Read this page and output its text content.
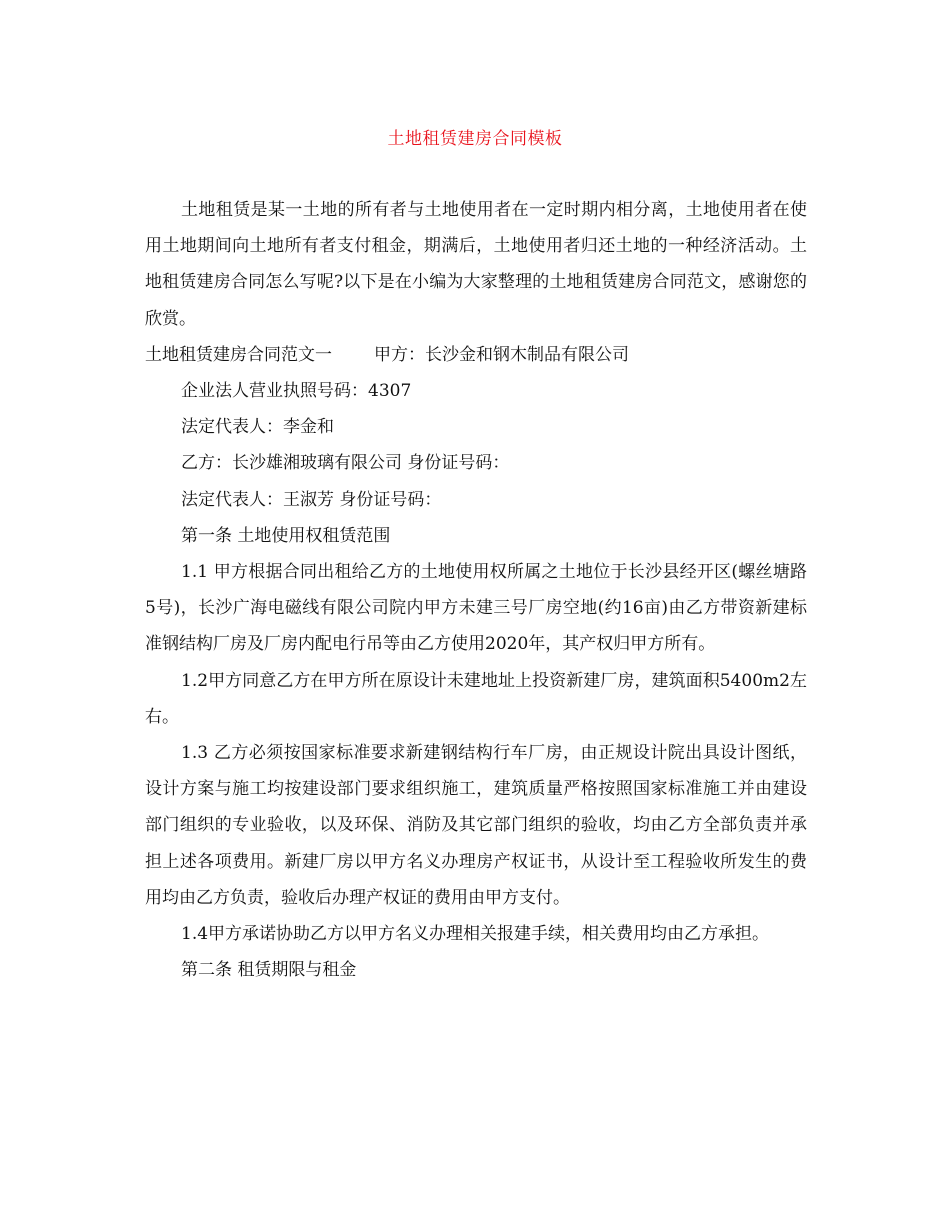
土地租赁建房合同模板

土地租赁是某一土地的所有者与土地使用者在一定时期内相分离，土地使用者在使用土地期间向土地所有者支付租金，期满后，土地使用者归还土地的一种经济活动。土地租赁建房合同怎么写呢?以下是在小编为大家整理的土地租赁建房合同范文，感谢您的欣赏。

土地租赁建房合同范文一 甲方：长沙金和钢木制品有限公司

企业法人营业执照号码：4307

法定代表人：李金和

乙方：长沙雄湘玻璃有限公司 身份证号码：

法定代表人：王淑芳 身份证号码：

第一条 土地使用权租赁范围

1.1 甲方根据合同出租给乙方的土地使用权所属之土地位于长沙县经开区(螺丝塘路5号)，长沙广海电磁线有限公司院内甲方未建三号厂房空地(约16亩)由乙方带资新建标准钢结构厂房及厂房内配电行吊等由乙方使用2020年，其产权归甲方所有。

1.2甲方同意乙方在甲方所在原设计未建地址上投资新建厂房，建筑面积5400m2左右。

1.3 乙方必须按国家标准要求新建钢结构行车厂房，由正规设计院出具设计图纸，设计方案与施工均按建设部门要求组织施工，建筑质量严格按照国家标准施工并由建设部门组织的专业验收，以及环保、消防及其它部门组织的验收，均由乙方全部负责并承担上述各项费用。新建厂房以甲方名义办理房产权证书，从设计至工程验收所发生的费用均由乙方负责，验收后办理产权证的费用由甲方支付。

1.4甲方承诺协助乙方以甲方名义办理相关报建手续，相关费用均由乙方承担。

第二条 租赁期限与租金
